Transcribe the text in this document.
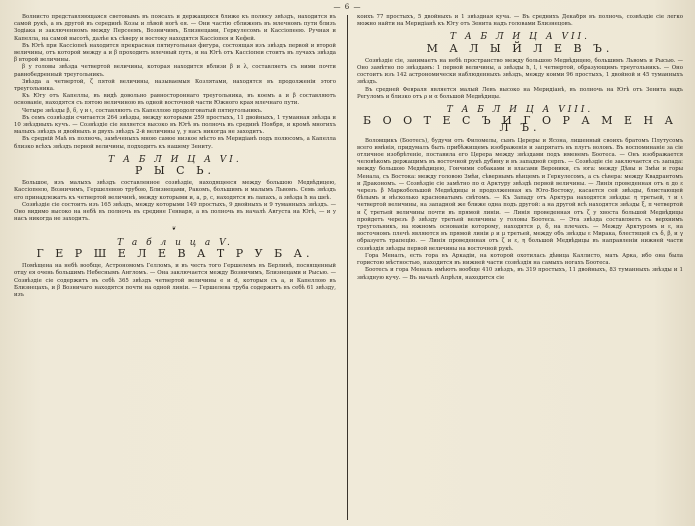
— 6 —

Волнисто представляющаяся световымъ въ поясахъ и держащихся ближе къ полюсу звѣздъ, находится въ самой рукѣ, а въ другой въ серединѣ Козы и лѣвой ногѣ ея. — Они частію сближенъ въ млечномъ пути близъ Зодіака и заключенномъ между Персеемъ, Возничимъ, Близнецами, Геркулесомъ и Кассіопеею. Ручная и Капелла, на самой высотѣ, далѣе къ сѣверу и востоку находятся Кассіопея и Кефей.

Въ Югѣ при Кассіопеѣ находится прекрасная пятиугольная фигура, состоящая изъ звѣздъ первой и второй величины, отъ которой между а и β проходитъ млечный путь, и на Югѣ отъ Кассіопеи стоитъ въ лучахъ звѣзда β второй величины.

β у головы звѣзда четвертой величины, которая находится вблизи β и λ, составляетъ съ ними почти равнобедренный треугольникъ.

Звѣзда а четвертой, ζ пятой величины, называемыя Козлятами, находятся въ продолженіи этого треугольника.

Къ Югу отъ Капеллы, въ видѣ довольно равностороннаго треугольника, въ коемъ а и β составляютъ основаніе, находятся съ пятою величиною въ одной восточной части Южного края млечнаго пути.

Четыре звѣзды β, δ, γ и ι, составляютъ съ Капеллою продолговатый пятиугольникъ.

Въ семъ созвѣздіи считается 264 звѣзды, между которыми 259 простыхъ, 11 двойныхъ, 1 туманная звѣзда и 10 звѣздныхъ кучъ. — Созвѣздіе сіе является высоко въ Югѣ въ полночь въ срединѣ Ноября, и кромѣ многихъ малыхъ звѣздъ и двойныхъ и двухъ звѣздъ 2-й величины γ, у насъ никогда не заходитъ.

Въ средній Маѣ въ полночь, замѣченыхъ мною самое низкое мѣсто въ Меридіанѣ подъ полюсомъ, а Капелла близко всѣхъ звѣздъ первой величины, подходитъ къ нашему Зениту.

Т А Б Л И Ц А VI.
Р Ы С Ь.

Большое, изъ малыхъ звѣздъ составленное созвѣздіе, находящееся между большою Медвѣдицею, Кассіопеею, Возничимъ, Гершелевою трубою, Близнецами, Ракомъ, большимъ и малымъ Львомъ. Семь звѣздъ его принадлежатъ къ четвертой величинѣ, между которыми и, а, р, с, находятся въ лапахъ, а звѣзда h на шеѣ.

Созвѣздіе сіе состоитъ изъ 165 звѣздъ, между которыми 149 простыхъ, 9 двойныхъ и 9 туманныхъ звѣздъ. — Оно видимо высоко на небѣ въ полночь въ средине Генваря, а въ полночь въ началѣ Августа на Югѣ, — и у насъ никогда не заходитъ.

❦
Т а б л и ц а V.
Г Е Р Ш Е Л Е В А Т Р У Б А.

Помѣщена на небѣ вообще, Астрономомъ Гелломъ, и въ честь того Гершелемъ въ Берлинѣ, посвященный отцу ея очень большимъ Небеснымъ Англомъ. — Она заключается между Возничимъ, Близнецами и Рысью. — Созвѣздіе сіе содержитъ въ себѣ 365 звѣздъ четвертой величины е и d, которыя съ а, и Капеллою въ Близнецахъ, и β Возничаго находятся почти на одной линіи. — Гершелева труба содержитъ въ себѣ 61 звѣзду, изъ

коихъ 77 простыхъ, 5 двойныхъ и 1 звѣздная куча. — Въ среднихъ Декабря въ полночь, созвѣздіе сіе легко можно найти на Меридіанѣ къ Югу отъ Зенита надъ головами Близнецовъ.

Т А Б Л И Ц А VII.
М А Л Ы Й Л Е В Ъ.

Созвѣздіе сіе, занимаетъ на небѣ пространство между большою Медвѣдицею, большимъ Львомъ и Рысью. — Оно замѣтно по звѣздамъ: 1 первой величины, а звѣзды h, l, i четвертой, образующимъ треугольникъ. — Оно состоитъ изъ 142 астрономически наблюденныхъ звѣздъ, между коими 96 простыхъ, 1 двойной и 45 туманныхъ звѣздъ.

Въ средней Февраля является малый Левъ высоко на Меридіанѣ, въ полночь на Югѣ отъ Зенита надъ Регуломъ и близко отъ ρ и α большой Медвѣдицы.

Т А Б Л И Ц А VIII.
Б О О Т Е С Ъ И Г О Р А М Е Н А Л Ъ.

Воловщикъ (Боотесъ), будучи отъ Филомелы, сынъ Цереры и Ясона, лишенный своихъ братомъ Плутусомъ всего имѣнія, придумалъ быть прибѣжищемъ изображенія и запрягатъ въ плугъ воловъ. Въ воспоминанiе за сіе отличное изобрѣтеніе, поставила его Церера между звѣздами подъ именемъ Боотеса. — Онъ изображается человѣкомъ держащимъ въ восточной рукѣ дубину и въ западной серпъ. — Созвѣздіе сіе заключается съ запада: между большою Медвѣдицею, Гончими собаками и власами Вероники, съ юга: между Дѣвы и Змѣи и горы Менала, съ Востока: между головою Змѣи, сѣвернымъ вѣнцемъ и Геркулесомъ, а съ сѣвера: между Квадрантомъ и Дракономъ. — Созвѣздіе сіе замѣтно по α Арктуру звѣздѣ первой величины. — Линія проведенная отъ α до ε черезъ β Маркобольшой Медвѣдицы и продолженная къ Юго-Востоку, касается сей звѣзды, блистающей бѣлымъ и нѣсколько красноватымъ свѣтомъ. — Къ Западу отъ Арктура находятся звѣзды: η третьей, τ и ι четвертой величины, на западной же ближе одна подъ другой: а на другой всѣ находятся звѣзды ξ, π четвертой и ζ третьей величины почти въ прямой линіи. — Линія проведенная отъ ζ у хвоста большой Медвѣдицы пройдетъ черезъ β звѣзду третьей величины у головы Боотеса. — Эта звѣзда составляетъ съ верхнимъ треугольникъ, на южномъ основаніи которому, находятся ρ, δ, на плечахъ. — Между Арктуромъ и ε, на восточномъ плечѣ являются въ прямой линіи ρ и μ третьей, между объ звѣзды ε Мирака, блестящей съ δ, β, и γ образуетъ трапецію. — Линія проведенная отъ ζ и ε, η большой Медвѣдицы въ направленіи нижней части созвѣздія звѣзды первой величины на восточной рукѣ.

Гора Меналъ, есть гора въ Аркадіи, на которой охотилась дѣвица Каллисто, мать Арка, ибо она была гористою мѣстностью, находится въ нижней части созвѣздія на самыхъ ногахъ Боотеса.

Боотесъ и гора Меналь имѣютъ вообще 410 звѣздъ, въ 319 простыхъ, 11 двойныхъ, 83 туманныхъ звѣзды и 1 звѣздную кучу. — Въ началѣ Апрѣля, находится сіе
